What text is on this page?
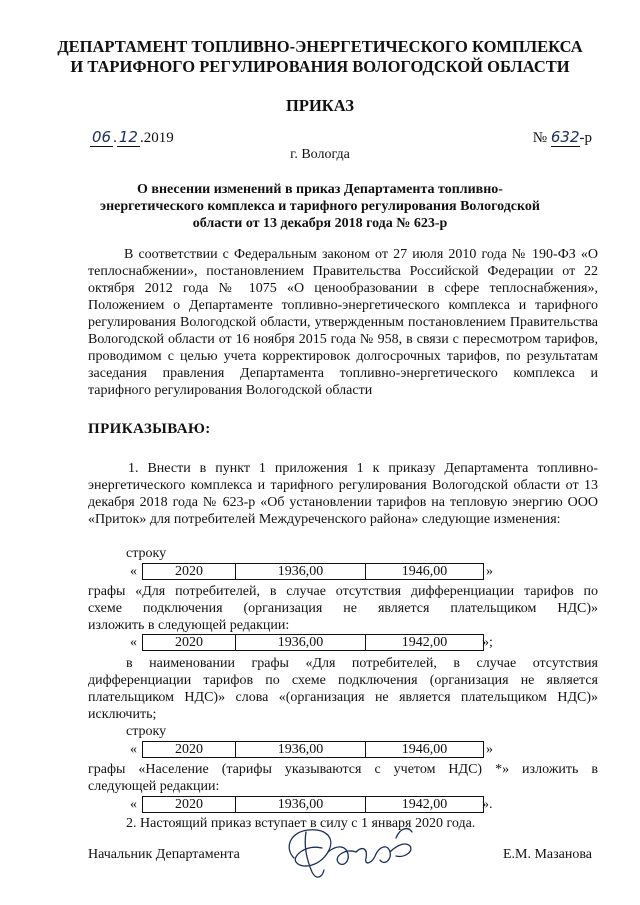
ДЕПАРТАМЕНТ ТОПЛИВНО-ЭНЕРГЕТИЧЕСКОГО КОМПЛЕКСА
И ТАРИФНОГО РЕГУЛИРОВАНИЯ ВОЛОГОДСКОЙ ОБЛАСТИ
ПРИКАЗ
06 . 12 .2019	№ 632-р
г. Вологда
О внесении изменений в приказ Департамента топливно-
энергетического комплекса и тарифного регулирования Вологодской
области от 13 декабря 2018 года № 623-р
В соответствии с Федеральным законом от 27 июля 2010 года № 190-ФЗ «О теплоснабжении», постановлением Правительства Российской Федерации от 22 октября 2012 года № 1075 «О ценообразовании в сфере теплоснабжения», Положением о Департаменте топливно-энергетического комплекса и тарифного регулирования Вологодской области, утвержденным постановлением Правительства Вологодской области от 16 ноября 2015 года № 958, в связи с пересмотром тарифов, проводимом с целью учета корректировок долгосрочных тарифов, по результатам заседания правления Департамента топливно-энергетического комплекса и тарифного регулирования Вологодской области
ПРИКАЗЫВАЮ:
1. Внести в пункт 1 приложения 1 к приказу Департамента топливно-энергетического комплекса и тарифного регулирования Вологодской области от 13 декабря 2018 года № 623-р «Об установлении тарифов на тепловую энергию ООО «Приток» для потребителей Междуреченского района» следующие изменения:
строку
«	2020	1936,00	1946,00	»
графы «Для потребителей, в случае отсутствия дифференциации тарифов по
схеме подключения (организация не является плательщиком НДС)»
изложить в следующей редакции:
«	2020	1936,00	1942,00 »;
в наименовании графы «Для потребителей, в случае отсутствия
дифференциации тарифов по схеме подключения (организация не является
плательщиком НДС)» слова «(организация не является плательщиком НДС)»
исключить;
строку
«	2020	1936,00	1946,00	»
графы «Население (тарифы указываются с учетом НДС) *» изложить в
следующей редакции:
«	2020	1936,00	1942,00 ».
2. Настоящий приказ вступает в силу с 1 января 2020 года.
Начальник Департамента	Е.М. Мазанова
